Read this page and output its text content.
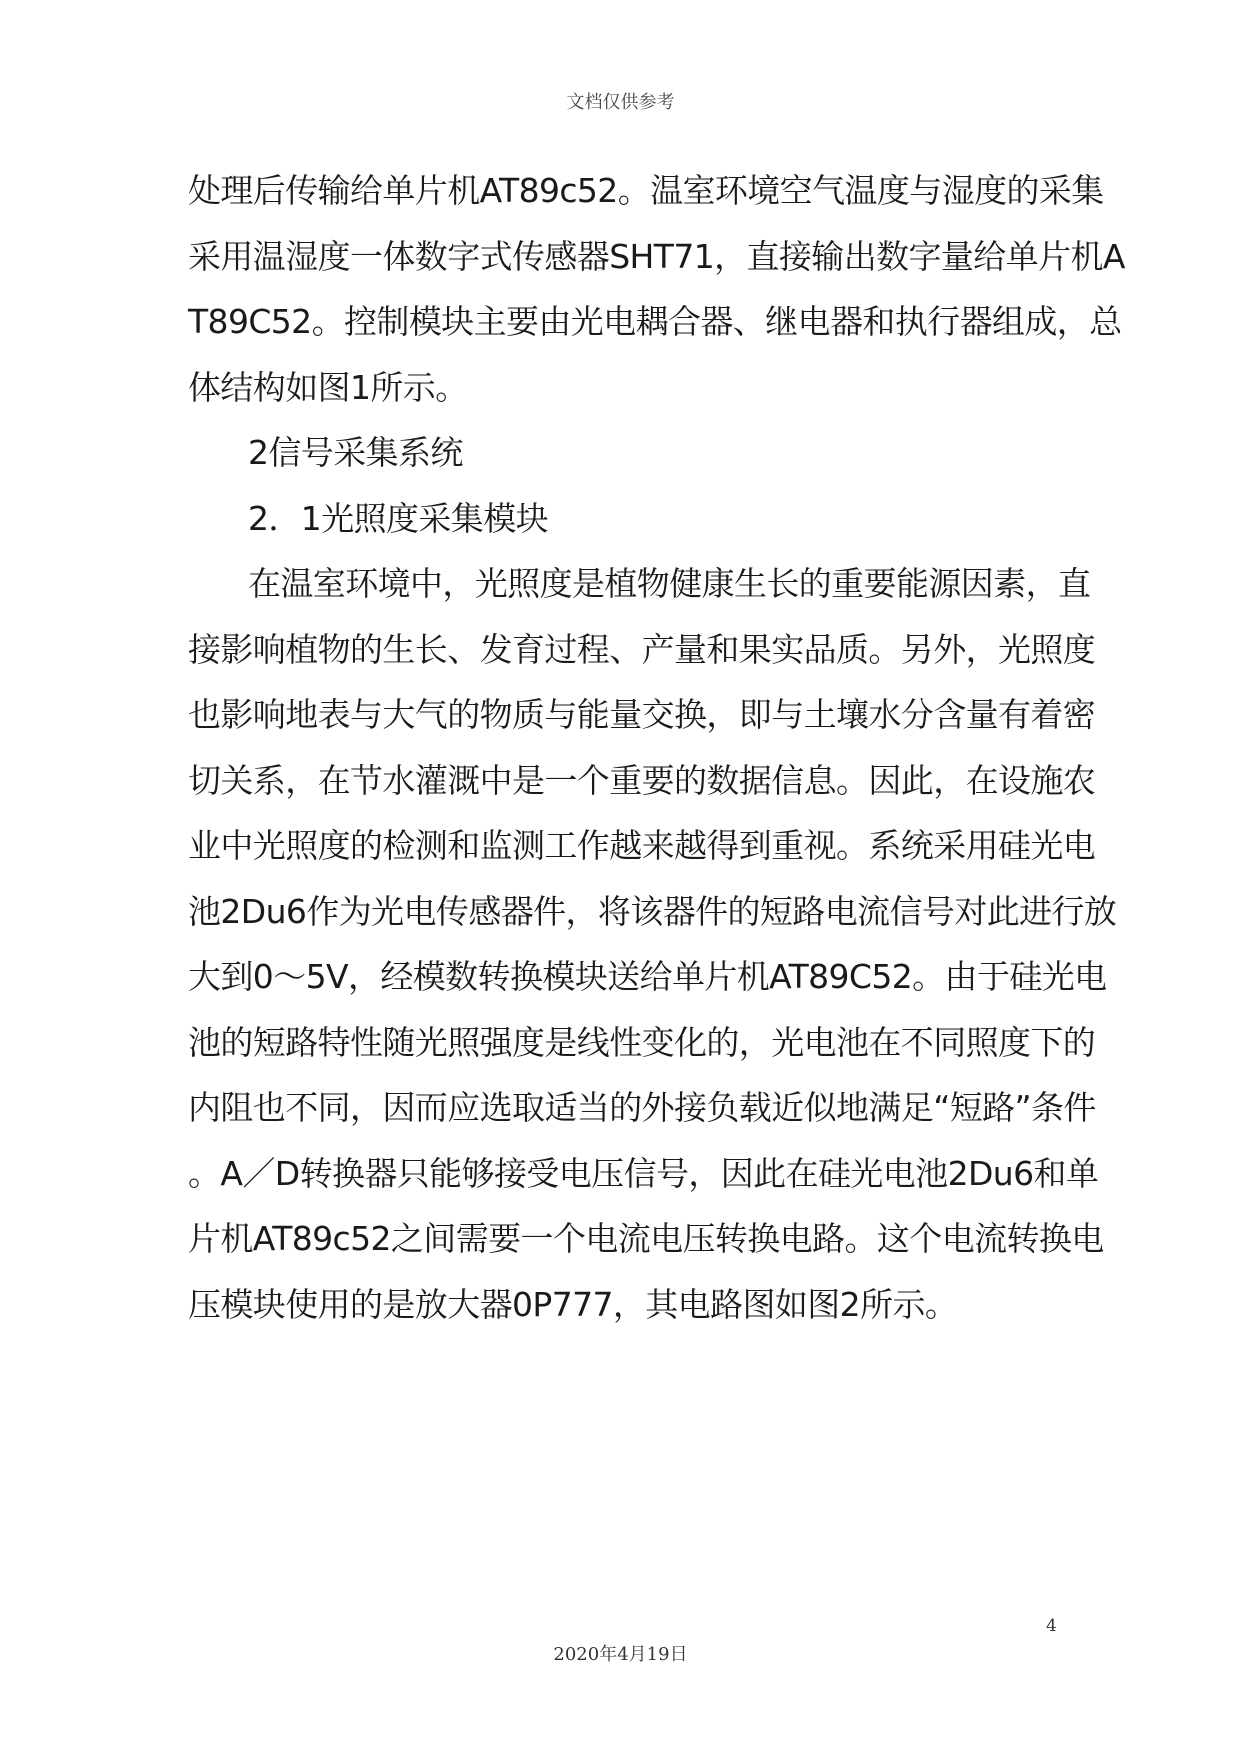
文档仅供参考
处理后传输给单片机AT89c52。温室环境空气温度与湿度的采集
采用温湿度一体数字式传感器SHT71，直接输出数字量给单片机A
T89C52。控制模块主要由光电耦合器、继电器和执行器组成，总
体结构如图1所示。
2信号采集系统
2．1光照度采集模块
在温室环境中，光照度是植物健康生长的重要能源因素，直
接影响植物的生长、发育过程、产量和果实品质。另外，光照度
也影响地表与大气的物质与能量交换，即与土壤水分含量有着密
切关系，在节水灌溉中是一个重要的数据信息。因此，在设施农
业中光照度的检测和监测工作越来越得到重视。系统采用硅光电
池2Du6作为光电传感器件，将该器件的短路电流信号对此进行放
大到0～5V，经模数转换模块送给单片机AT89C52。由于硅光电
池的短路特性随光照强度是线性变化的，光电池在不同照度下的
内阻也不同，因而应选取适当的外接负载近似地满足“短路”条件
。A／D转换器只能够接受电压信号，因此在硅光电池2Du6和单
片机AT89c52之间需要一个电流电压转换电路。这个电流转换电
压模块使用的是放大器0P777，其电路图如图2所示。
4
2020年4月19日
